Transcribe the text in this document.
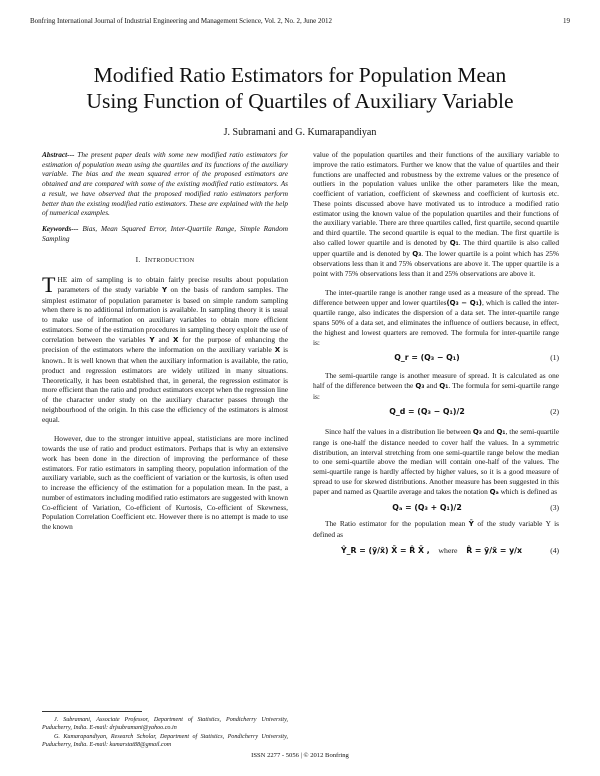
Bonfring International Journal of Industrial Engineering and Management Science, Vol. 2, No. 2, June 2012	19
Modified Ratio Estimators for Population Mean
Using Function of Quartiles of Auxiliary Variable
J. Subramani and G. Kumarapandiyan
Abstract--- The present paper deals with some new modified ratio estimators for estimation of population mean using the quartiles and its functions of the auxiliary variable. The bias and the mean squared error of the proposed estimators are obtained and are compared with some of the existing modified ratio estimators. As a result, we have observed that the proposed modified ratio estimators perform better than the existing modified ratio estimators. These are explained with the help of numerical examples.
Keywords--- Bias, Mean Squared Error, Inter-Quartile Range, Simple Random Sampling
I. INTRODUCTION

THE aim of sampling is to obtain fairly precise results about population parameters of the study variable Y on the basis of random samples. The simplest estimator of population parameter is based on simple random sampling when there is no additional information is available. In sampling theory it is usual to make use of information on auxiliary variables to obtain more efficient estimators. Some of the estimation procedures in sampling theory exploit the use of correlation between the variables Y and X for the purpose of enhancing the precision of the estimators where the information on the auxiliary variable X is known.. It is well known that when the auxiliary information is available, the ratio, product and regression estimators are widely utilized in many situations. Theoretically, it has been established that, in general, the regression estimator is more efficient than the ratio and product estimators except when the regression line of the character under study on the auxiliary character passes through the neighbourhood of the origin. In this case the efficiency of the estimators is almost equal.

However, due to the stronger intuitive appeal, statisticians are more inclined towards the use of ratio and product estimators. Perhaps that is why an extensive work has been done in the direction of improving the performance of these estimators. For ratio estimators in sampling theory, population information of the auxiliary variable, such as the coefficient of variation or the kurtosis, is often used to increase the efficiency of the estimation for a population mean. In the past, a number of estimators including modified ratio estimators are suggested with known Co-efficient of Variation, Co-efficient of Kurtosis, Co-efficient of Skewness, Population Correlation Coefficient etc. However there is no attempt is made to use the known

value of the population quartiles and their functions of the auxiliary variable to improve the ratio estimators. Further we know that the value of quartiles and their functions are unaffected and robustness by the extreme values or the presence of outliers in the population values unlike the other parameters like the mean, coefficient of variation, coefficient of skewness and coefficient of kurtosis etc. These points discussed above have motivated us to introduce a modified ratio estimator using the known value of the population quartiles and their functions of the auxiliary variable. There are three quartiles called, first quartile, second quartile and third quartile. The second quartile is equal to the median. The first quartile is also called lower quartile and is denoted by Q₁. The third quartile is also called upper quartile and is denoted by Q₃. The lower quartile is a point which has 25% observations less than it and 75% observations are above it. The upper quartile is a point with 75% observations less than it and 25% observations are above it.

The inter-quartile range is another range used as a measure of the spread. The difference between upper and lower quartiles(Q₃ − Q₁), which is called the inter-quartile range, also indicates the dispersion of a data set. The inter-quartile range spans 50% of a data set, and eliminates the influence of outliers because, in effect, the highest and lowest quarters are removed. The formula for inter-quartile range is:

Q_r = (Q₃ − Q₁)	(1)

The semi-quartile range is another measure of spread. It is calculated as one half of the difference between the Q₃ and Q₁. The formula for semi-quartile range is:

Q_d = (Q₃ − Q₁)/2	(2)

Since half the values in a distribution lie between Q₃ and Q₁, the semi-quartile range is one-half the distance needed to cover half the values. In a symmetric distribution, an interval stretching from one semi-quartile range below the median to one semi-quartile above the median will contain one-half of the values. The semi-quartile range is hardly affected by higher values, so it is a good measure of spread to use for skewed distributions. Another measure has been suggested in this paper and named as Quartile average and takes the notation Qₐ which is defined as

Qₐ = (Q₃ + Q₁)/2	(3)

The Ratio estimator for the population mean Ȳ of the study variable Y is defined as

Ŷ_R = (ȳ/x̄) X̄ = R̂ X̄ , where R̂ = ȳ/x̄ = y/x	(4)

J. Subramani, Associate Professor, Department of Statistics, Pondicherry University, Puducherry, India. E-mail: drjsubramani@yahoo.co.in

G. Kumarapandiyan, Research Scholar, Department of Statistics, Pondicherry University, Puducherry, India. E-mail: kumarstat88@gmail.com

ISSN 2277 - 5056 | © 2012 Bonfring
